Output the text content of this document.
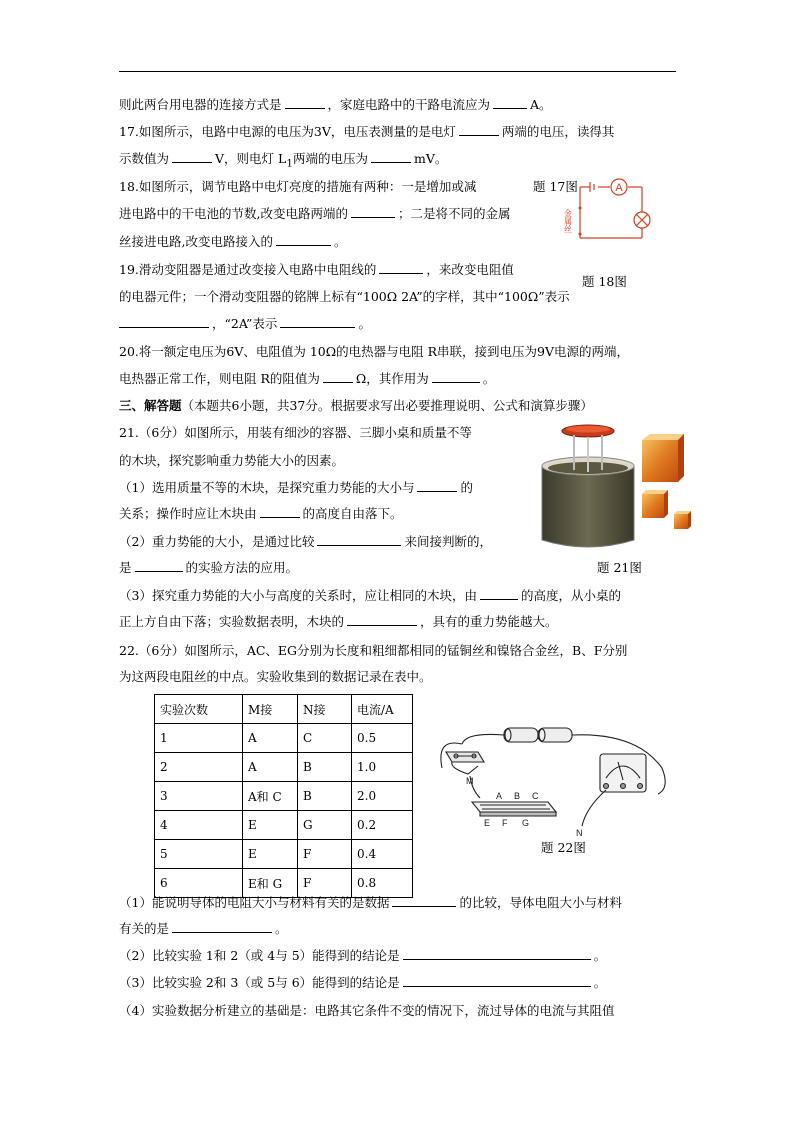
则此两台用电器的连接方式是	，家庭电路中的干路电流应为	A。
17.如图所示，电路中电源的电压为3V，电压表测量的是电灯	两端的电压，读得其
示数值为	V，则电灯 $L_1$两端的电压为	mV。
18.如图所示，调节电路中电灯亮度的措施有两种：一是增加或减	题 17图
进电路中的干电池的节数,改变电路两端的	；二是将不同的金属
丝接进电路,改变电路接入的	。
A
金属丝
19.滑动变阻器是通过改变接入电路中电阻线的	，来改变电阻值
题 18图
的电器元件；一个滑动变阻器的铭牌上标有“100Ω 2A”的字样，其中“100Ω”表示
，“2A”表示	。
20.将一额定电压为6V、电阻值为 10Ω的电热器与电阻 R串联，接到电压为9V电源的两端，
电热器正常工作，则电阻 R的阻值为	Ω，其作用为	。
三、解答题（本题共6小题，共37分。根据要求写出必要推理说明、公式和演算步骤）
21.（6分）如图所示，用装有细沙的容器、三脚小桌和质量不等
的木块，探究影响重力势能大小的因素。
（1）选用质量不等的木块，是探究重力势能的大小与	的
关系；操作时应让木块由	的高度自由落下。
（2）重力势能的大小，是通过比较	来间接判断的，
是	的实验方法的应用。
（3）探究重力势能的大小与高度的关系时，应让相同的木块，由	的高度，从小桌的
正上方自由下落；实验数据表明，木块的	，具有的重力势能越大。
题 21图
22.（6分）如图所示，AC、EG分别为长度和粗细都相同的锰铜丝和镍铬合金丝，B、F分别
为这两段电阻丝的中点。实验收集到的数据记录在表中。
实验次数	M接	N接	电流/A
1	A	C	0.5
2	A	B	1.0
3	A和 C	B	2.0
4	E	G	0.2
5	E	F	0.4
6	E和 G	F	0.8
M
N
A B C
E F G
题 22图
（1）能说明导体的电阻大小与材料有关的是数据	的比较，导体电阻大小与材料
有关的是	。
（2）比较实验 1和 2（或 4与 5）能得到的结论是	。
（3）比较实验 2和 3（或 5与 6）能得到的结论是	。
（4）实验数据分析建立的基础是：电路其它条件不变的情况下，流过导体的电流与其阻值
